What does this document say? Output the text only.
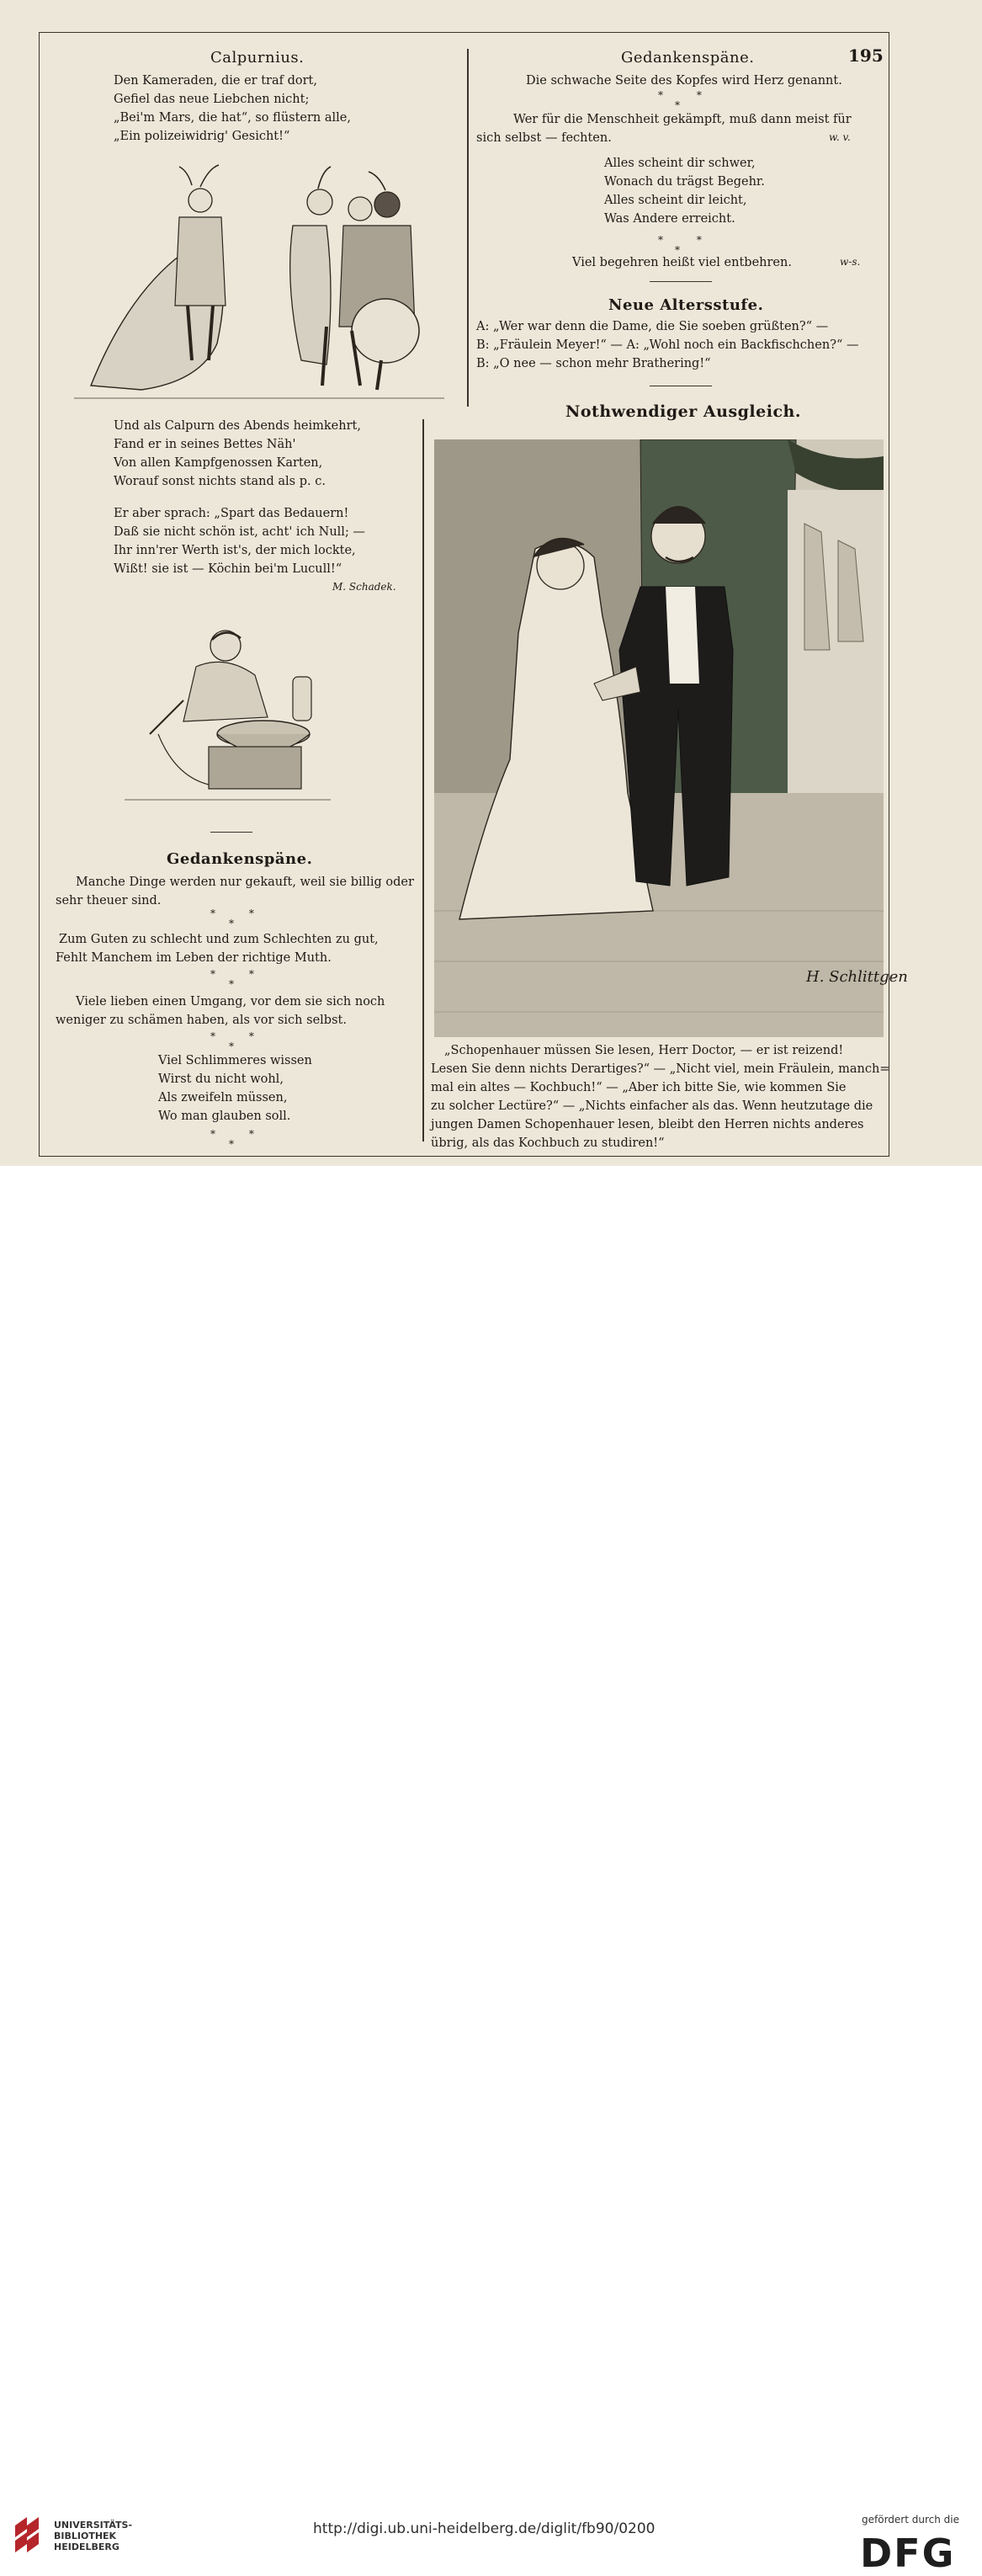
195
Calpurnius.
Den Kameraden, die er traf dort,
Gefiel das neue Liebchen nicht;
„Bei'm Mars, die hat“, so flüstern alle,
„Ein polizeiwidrig' Gesicht!“
Und als Calpurn des Abends heimkehrt,
Fand er in seines Bettes Näh'
Von allen Kampfgenossen Karten,
Worauf sonst nichts stand als p. c.
Er aber sprach: „Spart das Bedauern!
Daß sie nicht schön ist, acht' ich Null; —
Ihr inn'rer Werth ist's, der mich lockte,
Wißt! sie ist — Köchin bei'm Lucull!“
M. Schadek.
Gedankenspäne.
Manche Dinge werden nur gekauft, weil sie billig oder
sehr theuer sind.
* *
*
Zum Guten zu schlecht und zum Schlechten zu gut,
Fehlt Manchem im Leben der richtige Muth.
* *
*
Viele lieben einen Umgang, vor dem sie sich noch
weniger zu schämen haben, als vor sich selbst.
* *
*
Viel Schlimmeres wissen
Wirst du nicht wohl,
Als zweifeln müssen,
Wo man glauben soll.
* *
*
Gedankenspäne.
Die schwache Seite des Kopfes wird Herz genannt.
* *
*
Wer für die Menschheit gekämpft, muß dann meist für
sich selbst — fechten.	w. v.
Alles scheint dir schwer,
Wonach du trägst Begehr.
Alles scheint dir leicht,
Was Andere erreicht.
* *
*
Viel begehren heißt viel entbehren.	w-s.
Neue Altersstufe.
A: „Wer war denn die Dame, die Sie soeben grüßten?“ —
B: „Fräulein Meyer!“ — A: „Wohl noch ein Backfischchen?“ —
B: „O nee — schon mehr Brathering!“
Nothwendiger Ausgleich.
H. Schlittgen
„Schopenhauer müssen Sie lesen, Herr Doctor, — er ist reizend!
Lesen Sie denn nichts Derartiges?“ — „Nicht viel, mein Fräulein, manch=
mal ein altes — Kochbuch!“ — „Aber ich bitte Sie, wie kommen Sie
zu solcher Lectüre?“ — „Nichts einfacher als das. Wenn heutzutage die
jungen Damen Schopenhauer lesen, bleibt den Herren nichts anderes
übrig, als das Kochbuch zu studiren!“
UNIVERSITÄTS-
BIBLIOTHEK
HEIDELBERG
http://digi.ub.uni-heidelberg.de/diglit/fb90/0200
gefördert durch die
DFG
